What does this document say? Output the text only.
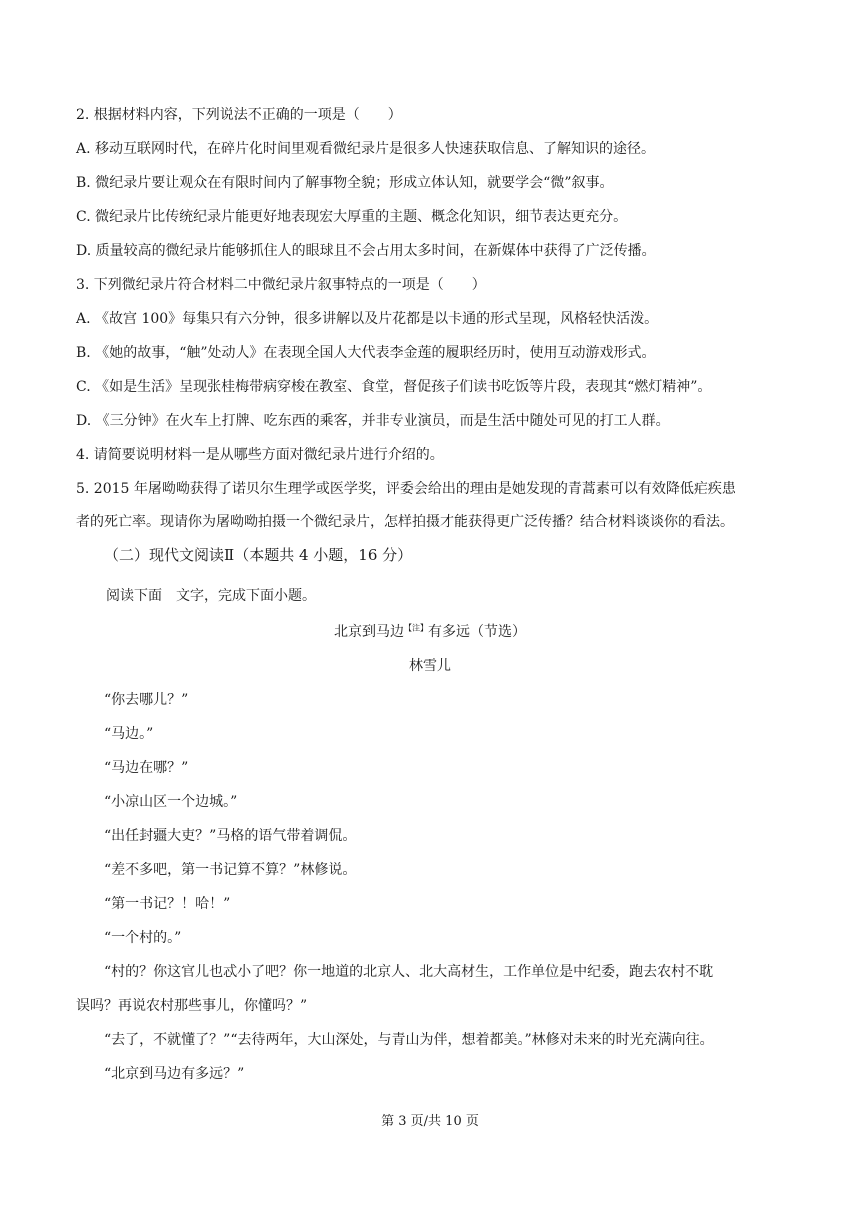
2. 根据材料内容，下列说法不正确的一项是（　　）
A. 移动互联网时代，在碎片化时间里观看微纪录片是很多人快速获取信息、了解知识的途径。
B. 微纪录片要让观众在有限时间内了解事物全貌；形成立体认知，就要学会“微”叙事。
C. 微纪录片比传统纪录片能更好地表现宏大厚重的主题、概念化知识，细节表达更充分。
D. 质量较高的微纪录片能够抓住人的眼球且不会占用太多时间，在新媒体中获得了广泛传播。
3. 下列微纪录片符合材料二中微纪录片叙事特点的一项是（　　）
A. 《故宫 100》每集只有六分钟，很多讲解以及片花都是以卡通的形式呈现，风格轻快活泼。
B. 《她的故事，“触”处动人》在表现全国人大代表李金莲的履职经历时，使用互动游戏形式。
C. 《如是生活》呈现张桂梅带病穿梭在教室、食堂，督促孩子们读书吃饭等片段，表现其“燃灯精神”。
D. 《三分钟》在火车上打牌、吃东西的乘客，并非专业演员，而是生活中随处可见的打工人群。
4. 请简要说明材料一是从哪些方面对微纪录片进行介绍的。
5. 2015 年屠呦呦获得了诺贝尔生理学或医学奖，评委会给出的理由是她发现的青蒿素可以有效降低疟疾患
者的死亡率。现请你为屠呦呦拍摄一个微纪录片，怎样拍摄才能获得更广泛传播？结合材料谈谈你的看法。
（二）现代文阅读Ⅱ（本题共 4 小题，16 分）
阅读下面　文字，完成下面小题。
北京到马边$^{【注】}$有多远（节选）
林雪儿
“你去哪儿？”
“马边。”
“马边在哪？”
“小凉山区一个边城。”
“出任封疆大吏？”马格的语气带着调侃。
“差不多吧，第一书记算不算？”林修说。
“第一书记？！哈！”
“一个村的。”
“村的？你这官儿也忒小了吧？你一地道的北京人、北大高材生，工作单位是中纪委，跑去农村不耽
误吗？再说农村那些事儿，你懂吗？”
“去了，不就懂了？”“去待两年，大山深处，与青山为伴，想着都美。”林修对未来的时光充满向往。
“北京到马边有多远？”
第 3 页/共 10 页
